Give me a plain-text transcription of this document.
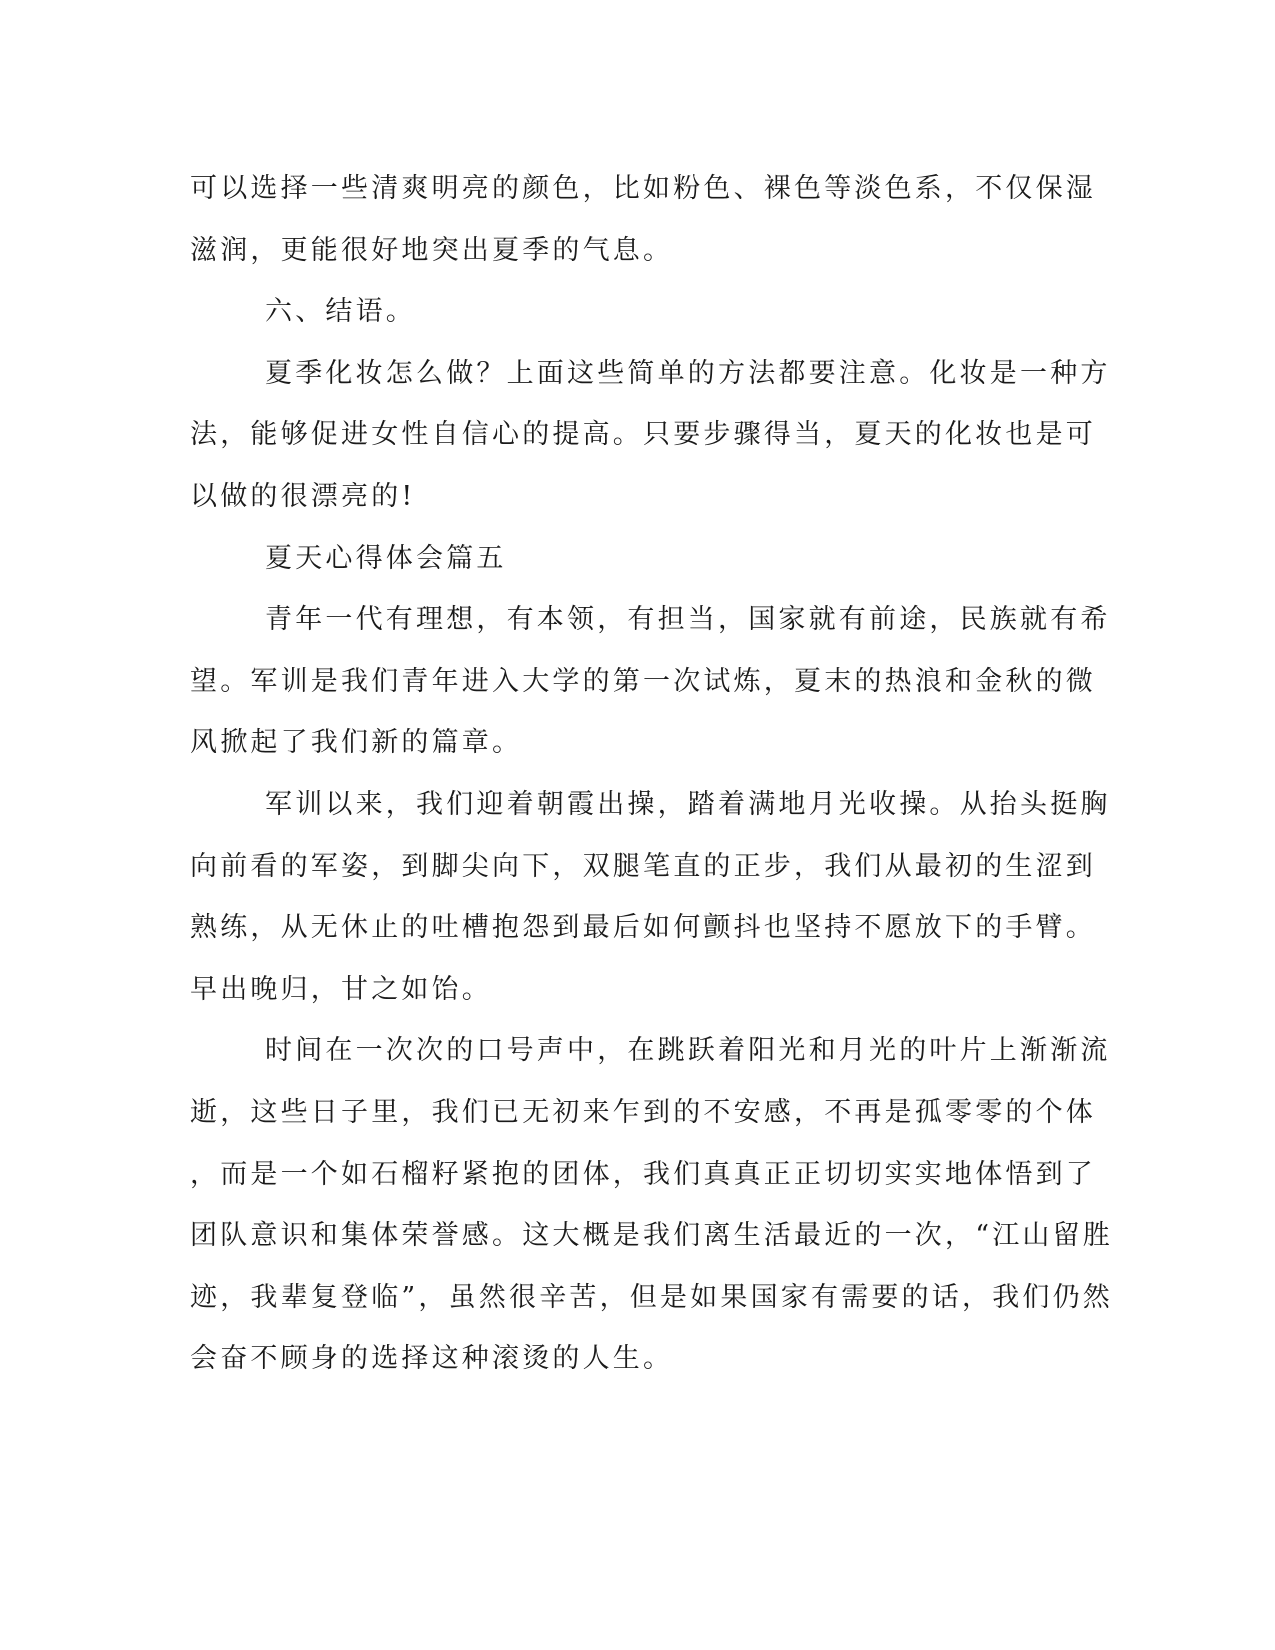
可以选择一些清爽明亮的颜色，比如粉色、裸色等淡色系，不仅保湿
滋润，更能很好地突出夏季的气息。
六、结语。
夏季化妆怎么做？上面这些简单的方法都要注意。化妆是一种方
法，能够促进女性自信心的提高。只要步骤得当，夏天的化妆也是可
以做的很漂亮的!
夏天心得体会篇五
青年一代有理想，有本领，有担当，国家就有前途，民族就有希
望。军训是我们青年进入大学的第一次试炼，夏末的热浪和金秋的微
风掀起了我们新的篇章。
军训以来，我们迎着朝霞出操，踏着满地月光收操。从抬头挺胸
向前看的军姿，到脚尖向下，双腿笔直的正步，我们从最初的生涩到
熟练，从无休止的吐槽抱怨到最后如何颤抖也坚持不愿放下的手臂。
早出晚归，甘之如饴。
时间在一次次的口号声中，在跳跃着阳光和月光的叶片上渐渐流
逝，这些日子里，我们已无初来乍到的不安感，不再是孤零零的个体
，而是一个如石榴籽紧抱的团体，我们真真正正切切实实地体悟到了
团队意识和集体荣誉感。这大概是我们离生活最近的一次，“江山留胜
迹，我辈复登临”，虽然很辛苦，但是如果国家有需要的话，我们仍然
会奋不顾身的选择这种滚烫的人生。
